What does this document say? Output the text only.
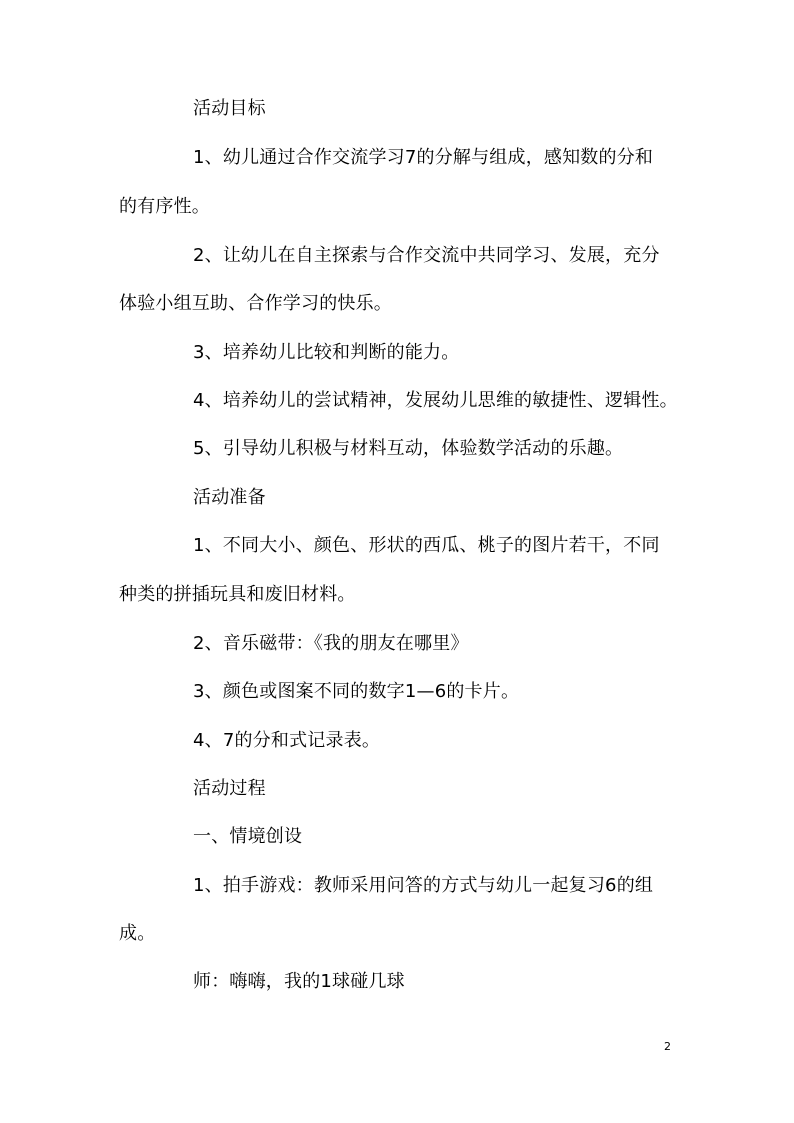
活动目标
1、幼儿通过合作交流学习7的分解与组成，感知数的分和
的有序性。
2、让幼儿在自主探索与合作交流中共同学习、发展，充分
体验小组互助、合作学习的快乐。
3、培养幼儿比较和判断的能力。
4、培养幼儿的尝试精神，发展幼儿思维的敏捷性、逻辑性。
5、引导幼儿积极与材料互动，体验数学活动的乐趣。
活动准备
1、不同大小、颜色、形状的西瓜、桃子的图片若干，不同
种类的拼插玩具和废旧材料。
2、音乐磁带：《我的朋友在哪里》
3、颜色或图案不同的数字1—6的卡片。
4、7的分和式记录表。
活动过程
一、情境创设
1、拍手游戏：教师采用问答的方式与幼儿一起复习6的组
成。
师：嗨嗨，我的1球碰几球
2
